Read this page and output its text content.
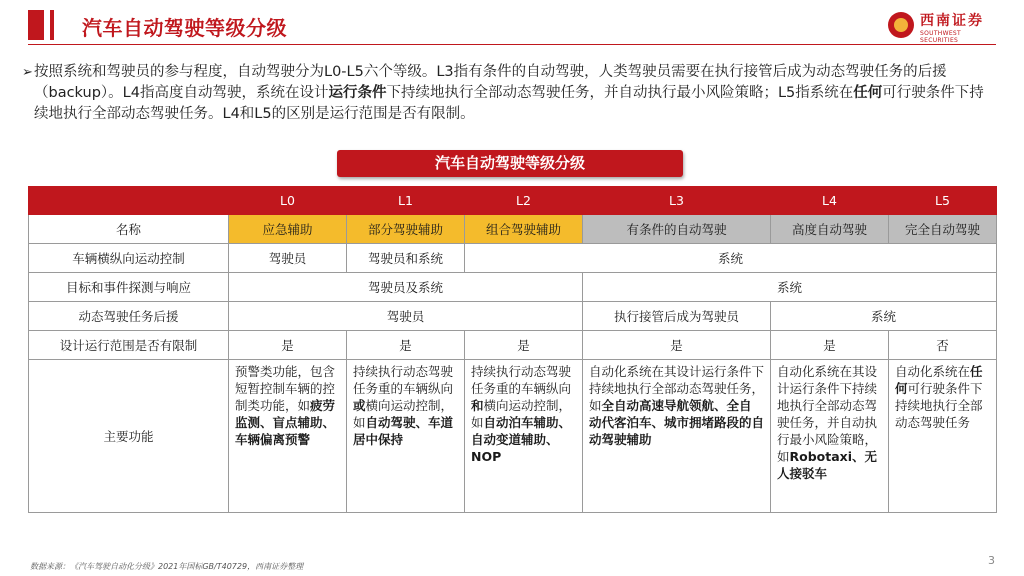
汽车自动驾驶等级分级	西南证券
SOUTHWEST SECURITIES
➢ 按照系统和驾驶员的参与程度，自动驾驶分为L0-L5六个等级。L3指有条件的自动驾驶，人类驾驶员需要在执行接管后成为动态驾驶任务的后援（backup）。L4指高度自动驾驶，系统在设计运行条件下持续地执行全部动态驾驶任务，并自动执行最小风险策略；L5指系统在任何可行驶条件下持续地执行全部动态驾驶任务。L4和L5的区别是运行范围是否有限制。
汽车自动驾驶等级分级
	L0	L1	L2	L3	L4	L5
名称	应急辅助	部分驾驶辅助	组合驾驶辅助	有条件的自动驾驶	高度自动驾驶	完全自动驾驶
车辆横纵向运动控制	驾驶员	驾驶员和系统	系统			
目标和事件探测与响应	驾驶员及系统			系统		
动态驾驶任务后援	驾驶员			执行接管后成为驾驶员	系统	
设计运行范围是否有限制	是	是	是	是	是	否
主要功能	预警类功能，包含短暂控制车辆的控制类功能，如疲劳监测、盲点辅助、车辆偏离预警	持续执行动态驾驶任务重的车辆纵向或横向运动控制，如自动驾驶、车道居中保持	持续执行动态驾驶任务重的车辆纵向和横向运动控制，如自动泊车辅助、自动变道辅助、NOP	自动化系统在其设计运行条件下持续地执行全部动态驾驶任务，如全自动高速导航领航、全自动代客泊车、城市拥堵路段的自动驾驶辅助	自动化系统在其设计运行条件下持续地执行全部动态驾驶任务，并自动执行最小风险策略，如Robotaxi、无人接驳车	自动化系统在任何可行驶条件下持续地执行全部动态驾驶任务
数据来源：《汽车驾驶自动化分级》2021年国标GB/T40729，西南证券整理	3
